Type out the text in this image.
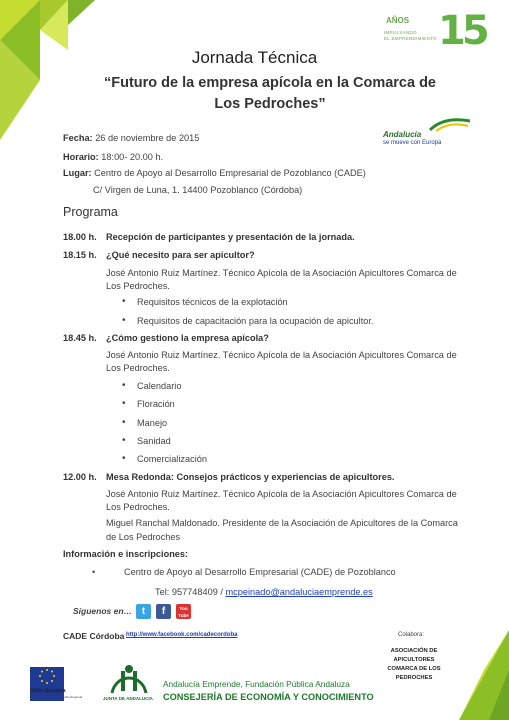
AÑOS
IMPULSANDO
EL EMPRENDIMIENTO 15
Jornada Técnica
“Futuro de la empresa apícola en la Comarca de Los Pedroches”
Andalucía
se mueve con Europa
Fecha: 26 de noviembre de 2015
Horario: 18:00- 20.00 h.
Lugar: Centro de Apoyo al Desarrollo Empresarial de Pozoblanco (CADE)
C/ Virgen de Luna, 1. 14400 Pozoblanco (Córdoba)
Programa
18.00 h. Recepción de participantes y presentación de la jornada.
18.15 h. ¿Qué necesito para ser apicultor?
José Antonio Ruiz Martínez. Técnico Apícola de la Asociación Apicultores Comarca de
Los Pedroches.
• Requisitos técnicos de la explotación
• Requisitos de capacitación para la ocupación de apicultor.
18.45 h. ¿Cómo gestiono la empresa apícola?
José Antonio Ruiz Martínez. Técnico Apícola de la Asociación Apicultores Comarca de
Los Pedroches.
• Calendario
• Floración
• Manejo
• Sanidad
• Comercialización
12.00 h. Mesa Redonda: Consejos prácticos y experiencias de apicultores.
José Antonio Ruiz Martínez. Técnico Apícola de la Asociación Apicultores Comarca de
Los Pedroches.
Miguel Ranchal Maldonado. Presidente de la Asociación de Apicultores de la Comarca
de Los Pedroches
Información e inscripciones:
•	Centro de Apoyo al Desarrollo Empresarial (CADE) de Pozoblanco
Tel: 957748409 / mcpeinado@andaluciaemprende.es
Síguenos en… t	f	You Tube
CADE Córdoba http://www.facebook.com/cadecordoba	Colabora:
ASOCIACIÓN DE APICULTORES COMARCA DE LOS PEDROCHES
Unión Europea
Fondo Europeo de Desarrollo Regional	JUNTA DE ANDALUCIA
Andalucía Emprende, Fundación Pública Andaluza
CONSEJERÍA DE ECONOMÍA Y CONOCIMIENTO
